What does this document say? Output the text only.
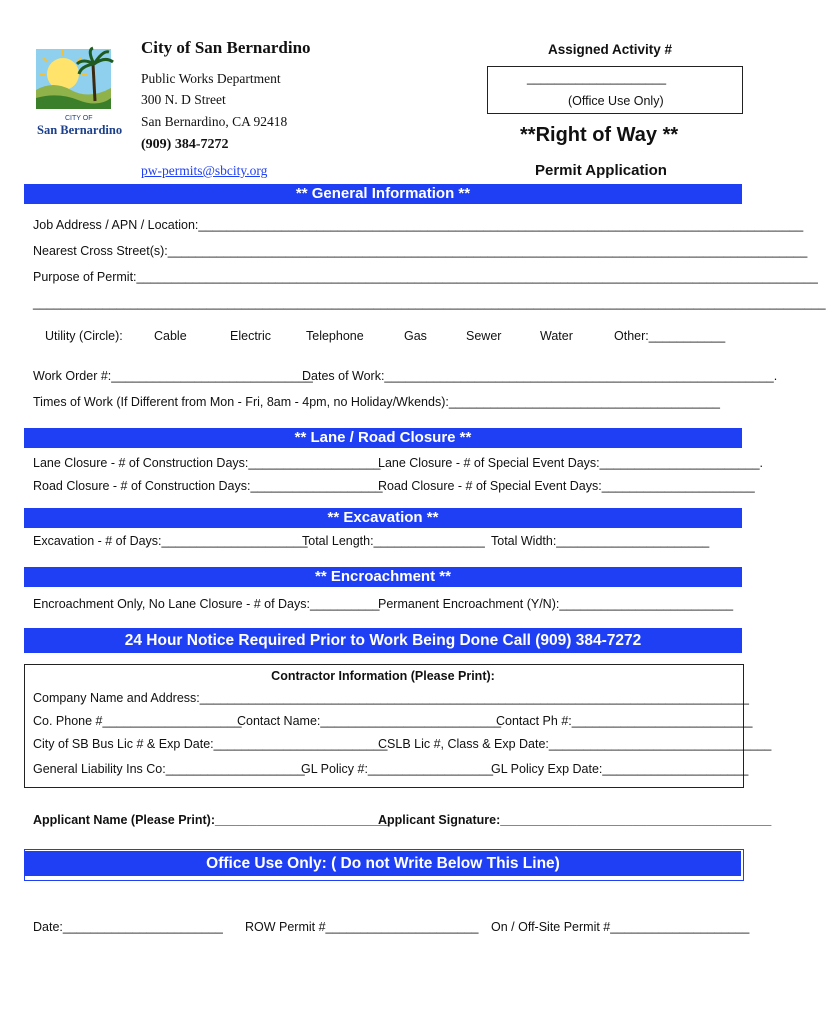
CITY OF
San Bernardino
City of San Bernardino
Public Works Department
300 N. D Street
San Bernardino, CA 92418
(909) 384-7272
pw-permits@sbcity.org
Assigned Activity #
____________________
(Office Use Only)
**Right of Way **
Permit Application
** General Information **
Job Address / APN / Location:_______________________________________________________________________________________
Nearest Cross Street(s):____________________________________________________________________________________________
Purpose of Permit:__________________________________________________________________________________________________
__________________________________________________________________________________________________________________
Utility (Circle): Cable	Electric	Telephone	Gas	Sewer	Water	Other:___________
Work Order #:_____________________________
Dates of Work:________________________________________________________.
Times of Work (If Different from Mon - Fri, 8am - 4pm, no Holiday/Wkends):_______________________________________
** Lane / Road Closure **
Lane Closure - # of Construction Days:___________________
Lane Closure - # of Special Event Days:_______________________.
Road Closure - # of Construction Days:___________________
Road Closure - # of Special Event Days:______________________
** Excavation **
Excavation - # of Days:_____________________
Total Length:________________ Total Width:______________________
** Encroachment **
Encroachment Only, No Lane Closure - # of Days:__________
Permanent Encroachment (Y/N):_________________________
24 Hour Notice Required Prior to Work Being Done Call (909) 384-7272
Contractor Information (Please Print):
Company Name and Address:_______________________________________________________________________________
Co. Phone #____________________
Contact Name:__________________________
Contact Ph #:__________________________
City of SB Bus Lic # & Exp Date:_________________________
CSLB Lic #, Class & Exp Date:________________________________
General Liability Ins Co:____________________
GL Policy #:__________________
GL Policy Exp Date:_____________________
Applicant Name (Please Print):_________________________
Applicant Signature:_______________________________________
Office Use Only: ( Do not Write Below This Line)
Date:_______________________ ROW Permit #______________________ On / Off-Site Permit #____________________
